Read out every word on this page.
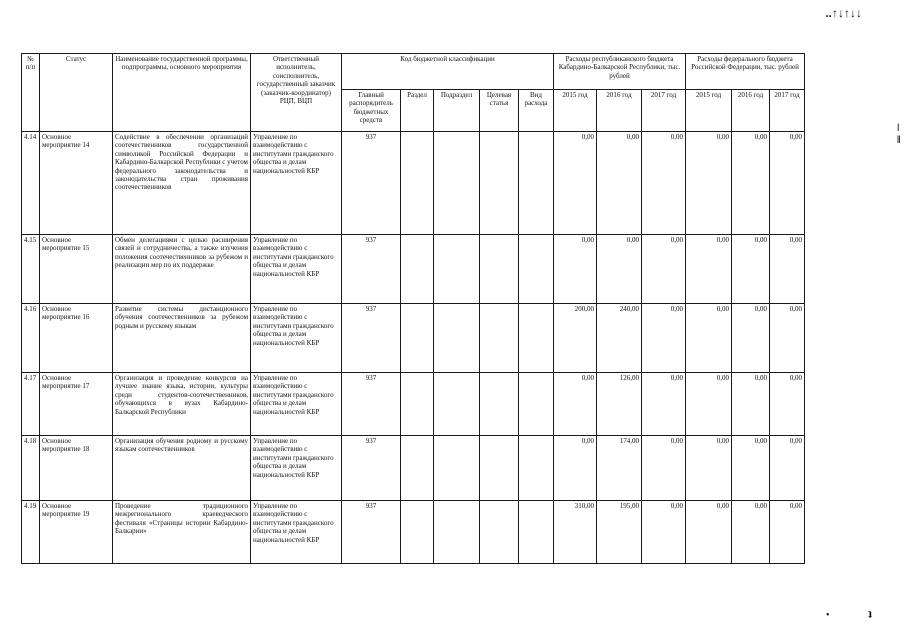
..↑↓↑↓↓
ǀ ‖
•	ʇ
№ п/п	Статус	Наименование государственной программы, подпрограммы, основного мероприятия	Ответственный исполнитель, соисполнитель, государственный заказчик (заказчик-координатор) РЦП, ВЦП	Код бюджетной классификации					Расходы республиканского бюджета Кабардино-Балкарской Республики, тыс. рублей			Расходы федерального бюджета Российской Федерации, тыс. рублей		
				Главный распорядитель бюджетных средств	Раздел	Подраздел	Целевая статья	Вид расхода	2015 год	2016 год	2017 год	2015 год	2016 год	2017 год
4.14	Основное мероприятие 14	Содействие в обеспечении организаций соотечественников государственной символикой Российской Федерации и Кабардино-Балкарской Республики с учетом федерального законодательства и законодательства стран проживания соотечественников	Управление по взаимодействию с институтами гражданского общества и делам национальностей КБР	937					0,00	0,00	0,00	0,00	0,00	0,00
4.15	Основное мероприятие 15	Обмен делегациями с целью расширения связей и сотрудничества, а также изучения положения соотечественников за рубежом и реализации мер по их поддержке	Управление по взаимодействию с институтами гражданского общества и делам национальностей КБР	937					0,00	0,00	0,00	0,00	0,00	0,00
4.16	Основное мероприятие 16	Развитие системы дистанционного обучения соотечественников за рубежом родным и русскому языкам	Управление по взаимодействию с институтами гражданского общества и делам национальностей КБР	937					200,00	240,00	0,00	0,00	0,00	0,00
4.17	Основное мероприятие 17	Организация и проведение конкурсов на лучшее знание языка, истории, культуры среди студентов-соотечественников, обучающихся в вузах Кабардино-Балкарской Республики	Управление по взаимодействию с институтами гражданского общества и делам национальностей КБР	937					0,00	126,00	0,00	0,00	0,00	0,00
4.18	Основное мероприятие 18	Организация обучения родному и русскому языкам соотечественников	Управление по взаимодействию с институтами гражданского общества и делам национальностей КБР	937					0,00	174,00	0,00	0,00	0,00	0,00
4.19	Основное мероприятие 19	Проведение традиционного межрегионального краеведческого фестиваля «Страницы истории Кабардино-Балкарии»	Управление по взаимодействию с институтами гражданского общества и делам национальностей КБР	937					310,00	195,00	0,00	0,00	0,00	0,00
